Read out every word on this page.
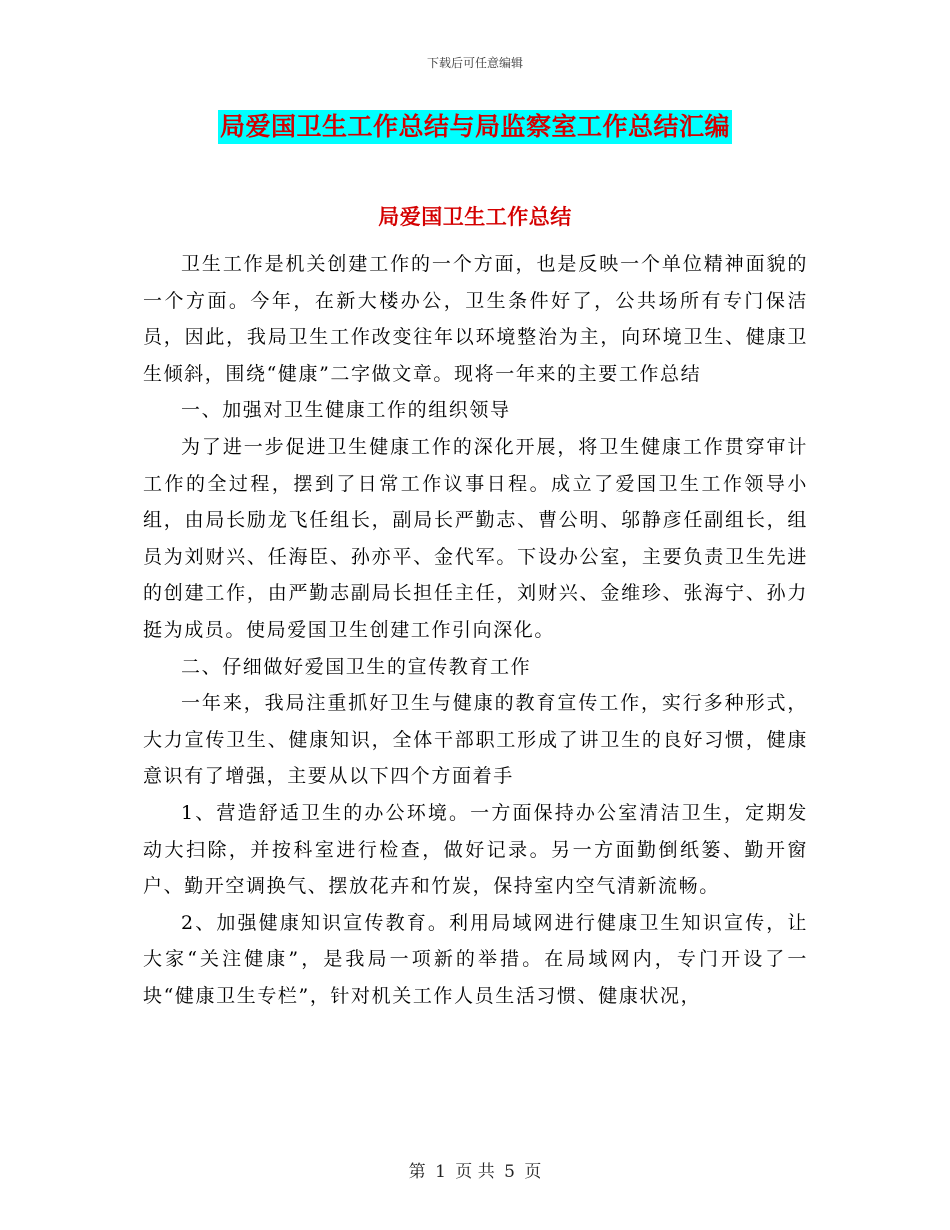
下载后可任意编辑
局爱国卫生工作总结与局监察室工作总结汇编
局爱国卫生工作总结

卫生工作是机关创建工作的一个方面，也是反映一个单位精神面貌的一个方面。今年，在新大楼办公，卫生条件好了，公共场所有专门保洁员，因此，我局卫生工作改变往年以环境整治为主，向环境卫生、健康卫生倾斜，围绕“健康”二字做文章。现将一年来的主要工作总结

一、加强对卫生健康工作的组织领导

为了进一步促进卫生健康工作的深化开展，将卫生健康工作贯穿审计工作的全过程，摆到了日常工作议事日程。成立了爱国卫生工作领导小组，由局长励龙飞任组长，副局长严勤志、曹公明、邬静彦任副组长，组员为刘财兴、任海臣、孙亦平、金代军。下设办公室，主要负责卫生先进的创建工作，由严勤志副局长担任主任，刘财兴、金维珍、张海宁、孙力挺为成员。使局爱国卫生创建工作引向深化。

二、仔细做好爱国卫生的宣传教育工作

一年来，我局注重抓好卫生与健康的教育宣传工作，实行多种形式，大力宣传卫生、健康知识，全体干部职工形成了讲卫生的良好习惯，健康意识有了增强，主要从以下四个方面着手

1、营造舒适卫生的办公环境。一方面保持办公室清洁卫生，定期发动大扫除，并按科室进行检查，做好记录。另一方面勤倒纸篓、勤开窗户、勤开空调换气、摆放花卉和竹炭，保持室内空气清新流畅。

2、加强健康知识宣传教育。利用局域网进行健康卫生知识宣传，让大家“关注健康”，是我局一项新的举措。在局域网内，专门开设了一块“健康卫生专栏”，针对机关工作人员生活习惯、健康状况，

第 1 页 共 5 页
